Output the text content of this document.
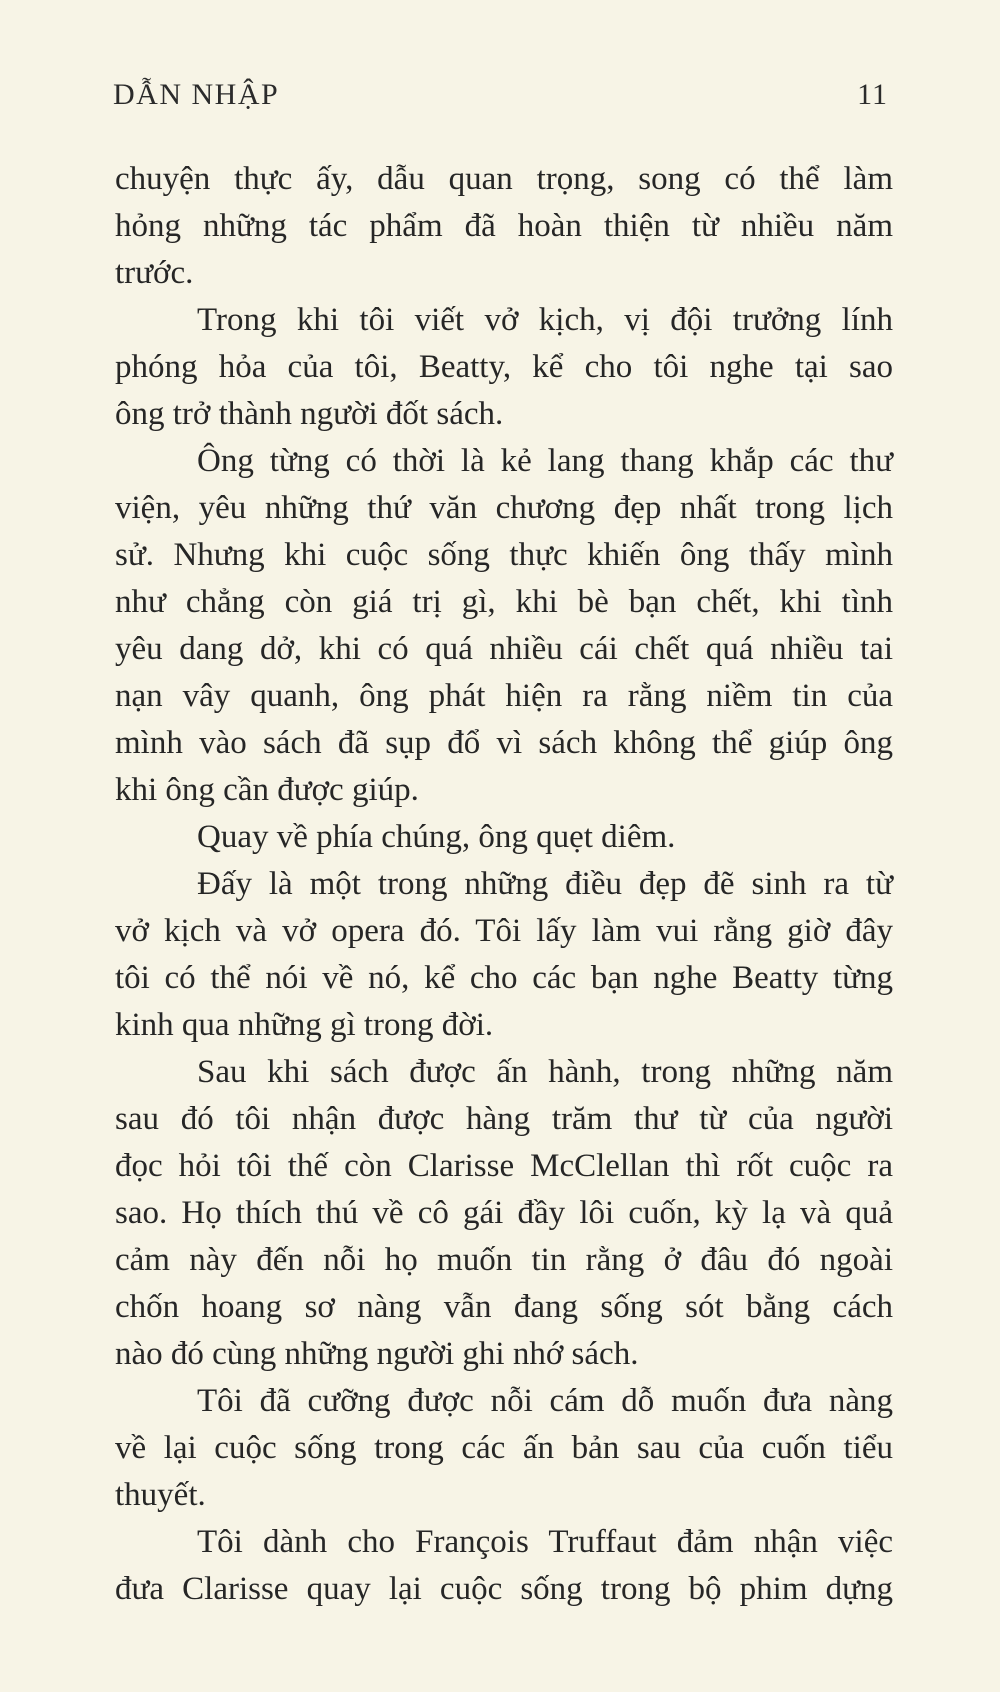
DẪN NHẬP	11
chuyện thực ấy, dẫu quan trọng, song có thể làm
hỏng những tác phẩm đã hoàn thiện từ nhiều năm
trước.
Trong khi tôi viết vở kịch, vị đội trưởng lính
phóng hỏa của tôi, Beatty, kể cho tôi nghe tại sao
ông trở thành người đốt sách.
Ông từng có thời là kẻ lang thang khắp các thư
viện, yêu những thứ văn chương đẹp nhất trong lịch
sử. Nhưng khi cuộc sống thực khiến ông thấy mình
như chẳng còn giá trị gì, khi bè bạn chết, khi tình
yêu dang dở, khi có quá nhiều cái chết quá nhiều tai
nạn vây quanh, ông phát hiện ra rằng niềm tin của
mình vào sách đã sụp đổ vì sách không thể giúp ông
khi ông cần được giúp.
Quay về phía chúng, ông quẹt diêm.
Đấy là một trong những điều đẹp đẽ sinh ra từ
vở kịch và vở opera đó. Tôi lấy làm vui rằng giờ đây
tôi có thể nói về nó, kể cho các bạn nghe Beatty từng
kinh qua những gì trong đời.
Sau khi sách được ấn hành, trong những năm
sau đó tôi nhận được hàng trăm thư từ của người
đọc hỏi tôi thế còn Clarisse McClellan thì rốt cuộc ra
sao. Họ thích thú về cô gái đầy lôi cuốn, kỳ lạ và quả
cảm này đến nỗi họ muốn tin rằng ở đâu đó ngoài
chốn hoang sơ nàng vẫn đang sống sót bằng cách
nào đó cùng những người ghi nhớ sách.
Tôi đã cưỡng được nỗi cám dỗ muốn đưa nàng
về lại cuộc sống trong các ấn bản sau của cuốn tiểu
thuyết.
Tôi dành cho François Truffaut đảm nhận việc
đưa Clarisse quay lại cuộc sống trong bộ phim dựng
